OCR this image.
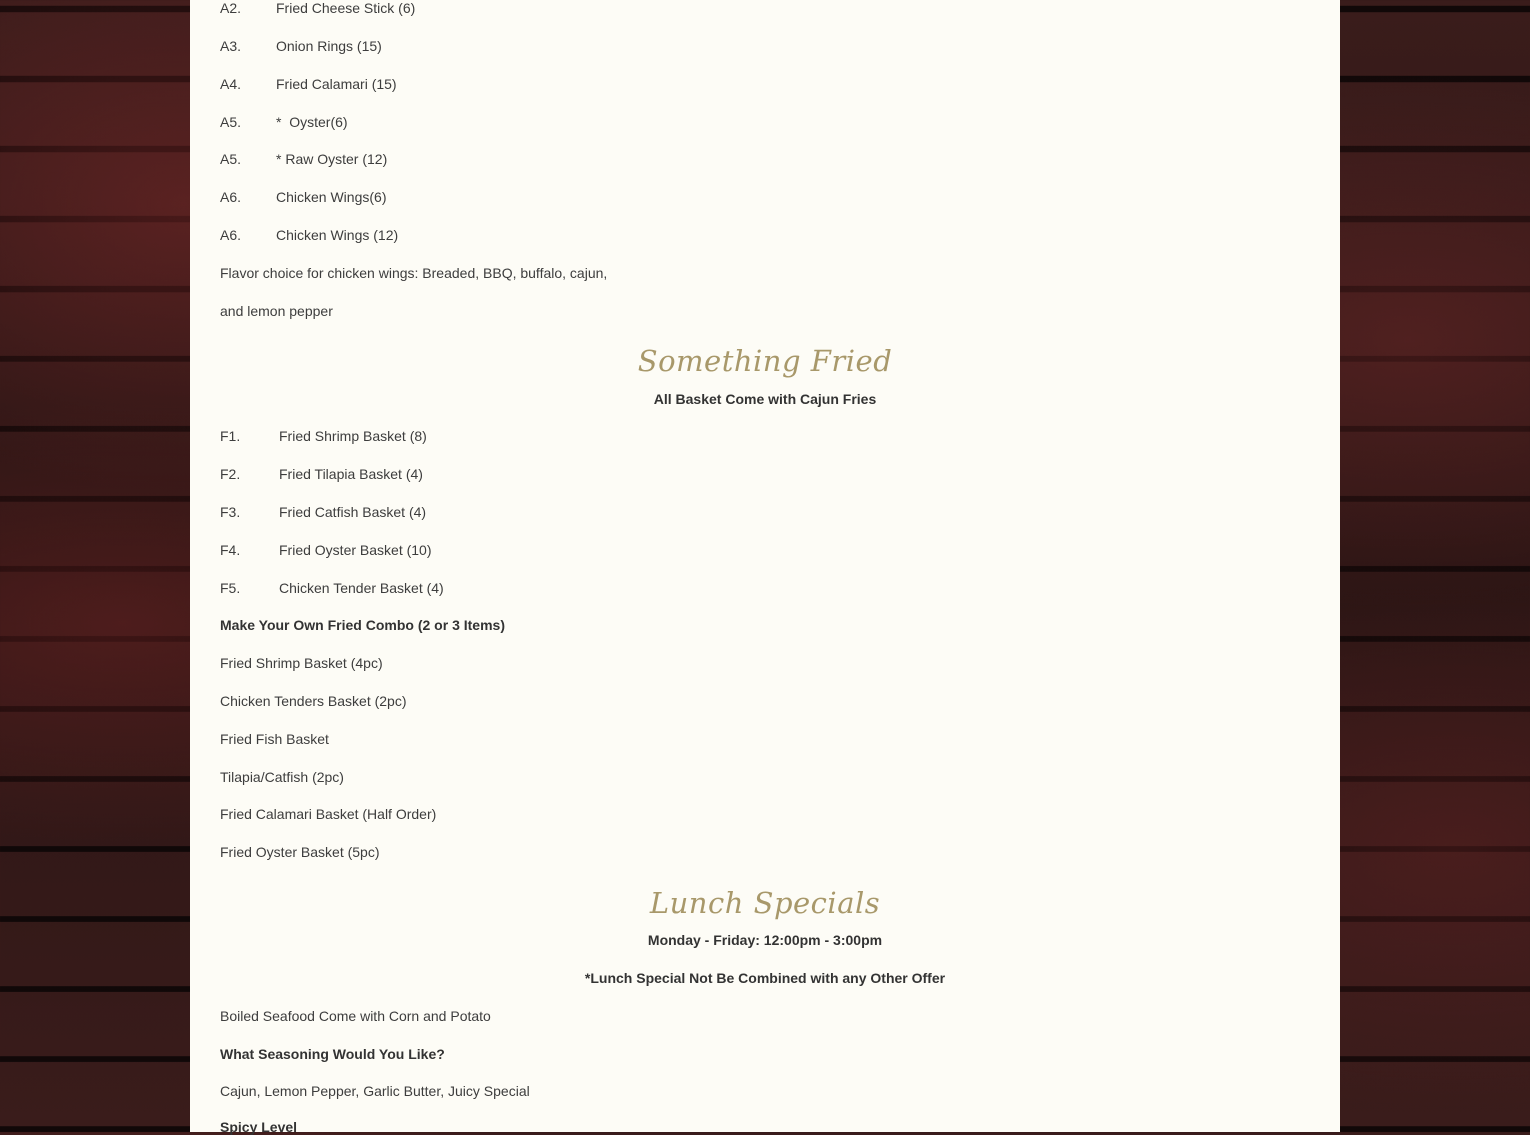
A2. Fried Cheese Stick (6)
A3. Onion Rings (15)
A4. Fried Calamari (15)
A5. *  Oyster(6)
A5. * Raw Oyster (12)
A6. Chicken Wings(6)
A6. Chicken Wings (12)
Flavor choice for chicken wings: Breaded, BBQ, buffalo, cajun,
and lemon pepper
Something Fried
All Basket Come with Cajun Fries
F1.	Fried Shrimp Basket (8)
F2.	Fried Tilapia Basket (4)
F3.	Fried Catfish Basket (4)
F4.	Fried Oyster Basket (10)
F5.	Chicken Tender Basket (4)
Make Your Own Fried Combo (2 or 3 Items)
Fried Shrimp Basket (4pc)
Chicken Tenders Basket (2pc)
Fried Fish Basket
Tilapia/Catfish (2pc)
Fried Calamari Basket (Half Order)
Fried Oyster Basket (5pc)
Lunch Specials
Monday - Friday: 12:00pm - 3:00pm
*Lunch Special Not Be Combined with any Other Offer
Boiled Seafood Come with Corn and Potato
What Seasoning Would You Like?
Cajun, Lemon Pepper, Garlic Butter, Juicy Special
Spicy Level
